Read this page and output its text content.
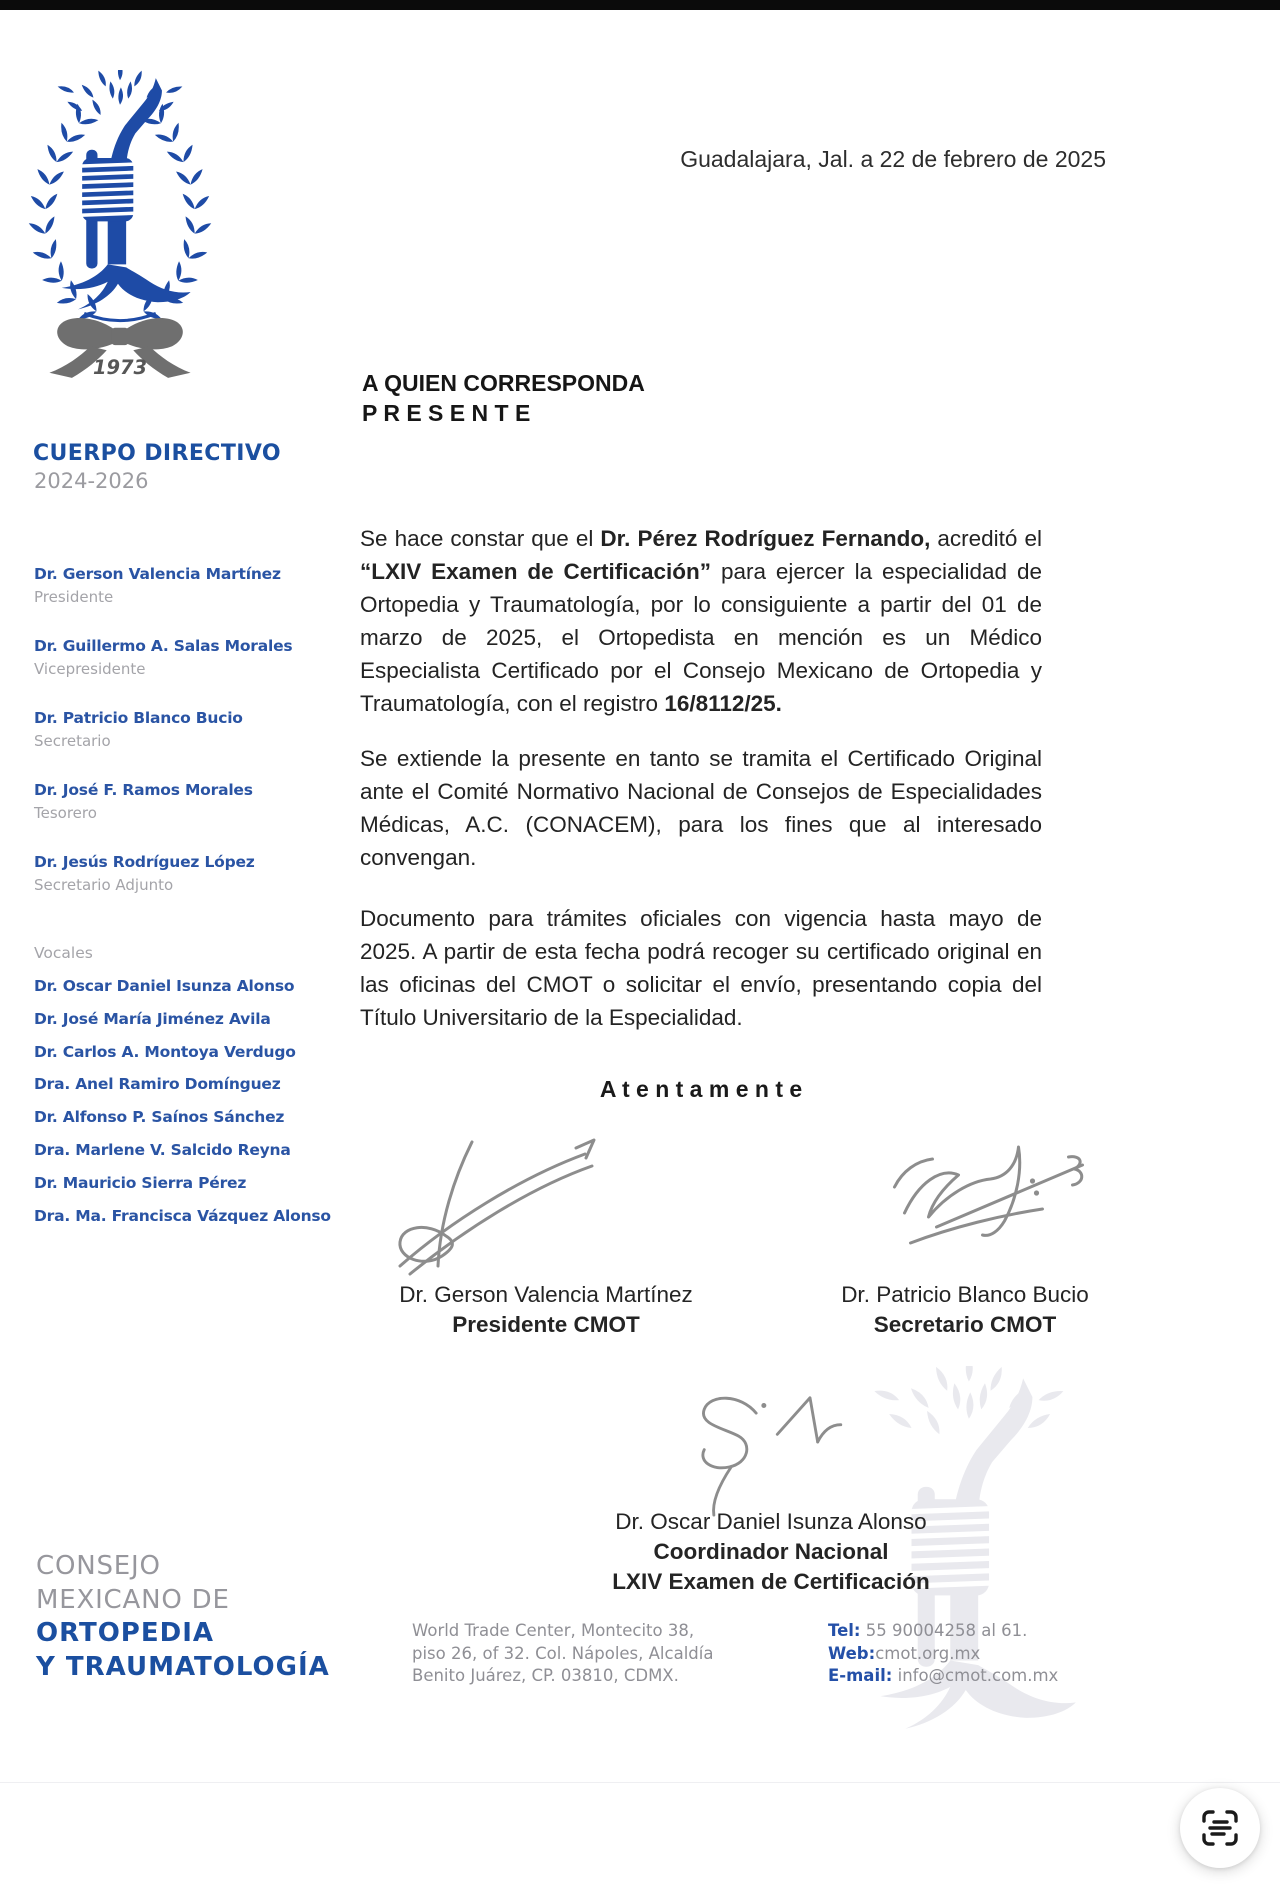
1973
Guadalajara, Jal. a 22 de febrero de 2025
A QUIEN CORRESPONDA
P R E S E N T E
CUERPO DIRECTIVO
2024-2026
Dr. Gerson Valencia Martínez
Presidente
Dr. Guillermo A. Salas Morales
Vicepresidente
Dr. Patricio Blanco Bucio
Secretario
Dr. José F. Ramos Morales
Tesorero
Dr. Jesús Rodríguez López
Secretario Adjunto
Vocales
Dr. Oscar Daniel Isunza Alonso
Dr. José María Jiménez Avila
Dr. Carlos A. Montoya Verdugo
Dra. Anel Ramiro Domínguez
Dr. Alfonso P. Saínos Sánchez
Dra. Marlene V. Salcido Reyna
Dr. Mauricio Sierra Pérez
Dra. Ma. Francisca Vázquez Alonso
Se hace constar que el Dr. Pérez Rodríguez Fernando, acreditó el “LXIV Examen de Certificación” para ejercer la especialidad de Ortopedia y Traumatología, por lo consiguiente a partir del 01 de marzo de 2025, el Ortopedista en mención es un Médico Especialista Certificado por el Consejo Mexicano de Ortopedia y Traumatología, con el registro 16/8112/25.
Se extiende la presente en tanto se tramita el Certificado Original ante el Comité Normativo Nacional de Consejos de Especialidades Médicas, A.C. (CONACEM), para los fines que al interesado convengan.
Documento para trámites oficiales con vigencia hasta mayo de 2025. A partir de esta fecha podrá recoger su certificado original en las oficinas del CMOT o solicitar el envío, presentando copia del Título Universitario de la Especialidad.
A t e n t a m e n t e
Dr. Gerson Valencia Martínez
Presidente CMOT
Dr. Patricio Blanco Bucio
Secretario CMOT
Dr. Oscar Daniel Isunza Alonso
Coordinador Nacional
LXIV Examen de Certificación
CONSEJO
MEXICANO DE
ORTOPEDIA
Y TRAUMATOLOGÍA
World Trade Center, Montecito 38,
piso 26, of 32. Col. Nápoles, Alcaldía
Benito Juárez, CP. 03810, CDMX.
Tel: 55 90004258 al 61.
Web:cmot.org.mx
E-mail: info@cmot.com.mx
